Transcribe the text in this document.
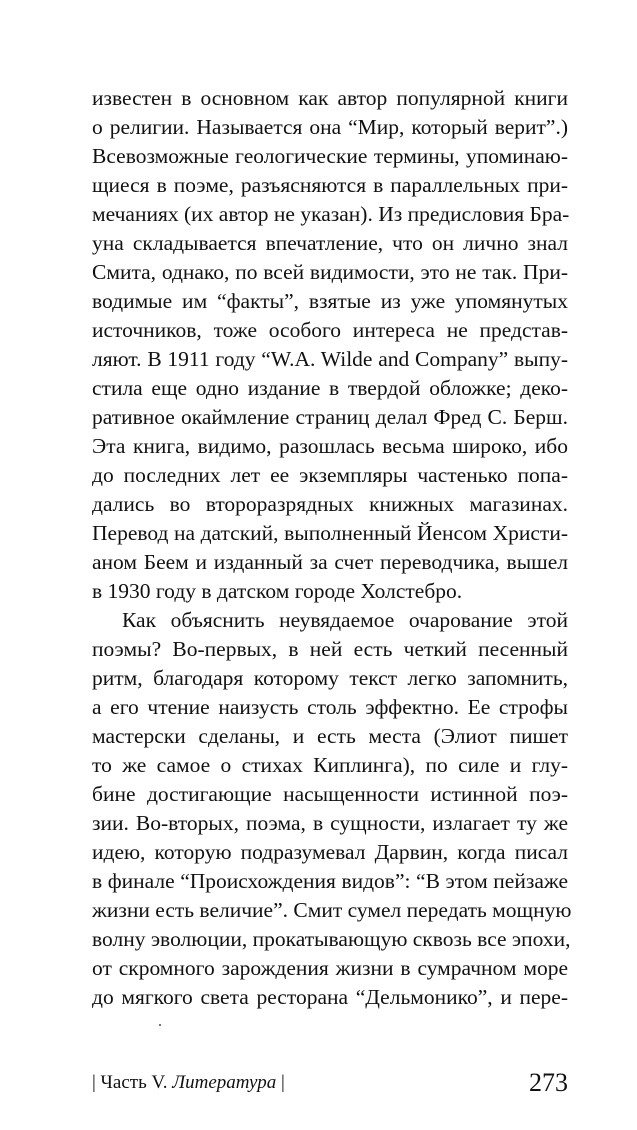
известен в основном как автор популярной книги
о религии. Называется она “Мир, который верит”.)
Всевозможные геологические термины, упоминаю-
щиеся в поэме, разъясняются в параллельных при-
мечаниях (их автор не указан). Из предисловия Бра-
уна складывается впечатление, что он лично знал
Смита, однако, по всей видимости, это не так. При-
водимые им “факты”, взятые из уже упомянутых
источников, тоже особого интереса не представ-
ляют. В 1911 году “W.A. Wilde and Company” выпу-
стила еще одно издание в твердой обложке; деко-
ративное окаймление страниц делал Фред С. Берш.
Эта книга, видимо, разошлась весьма широко, ибо
до последних лет ее экземпляры частенько попа-
дались во второразрядных книжных магазинах.
Перевод на датский, выполненный Йенсом Христи-
аном Беем и изданный за счет переводчика, вышел
в 1930 году в датском городе Холстебро.
Как объяснить неувядаемое очарование этой
поэмы? Во-первых, в ней есть четкий песенный
ритм, благодаря которому текст легко запомнить,
а его чтение наизусть столь эффектно. Ее строфы
мастерски сделаны, и есть места (Элиот пишет
то же самое о стихах Киплинга), по силе и глу-
бине достигающие насыщенности истинной поэ-
зии. Во-вторых, поэма, в сущности, излагает ту же
идею, которую подразумевал Дарвин, когда писал
в финале “Происхождения видов”: “В этом пейзаже
жизни есть величие”. Смит сумел передать мощную
волну эволюции, прокатывающую сквозь все эпохи,
от скромного зарождения жизни в сумрачном море
до мягкого света ресторана “Дельмонико”, и пере-
| Часть V. Литература |	273
